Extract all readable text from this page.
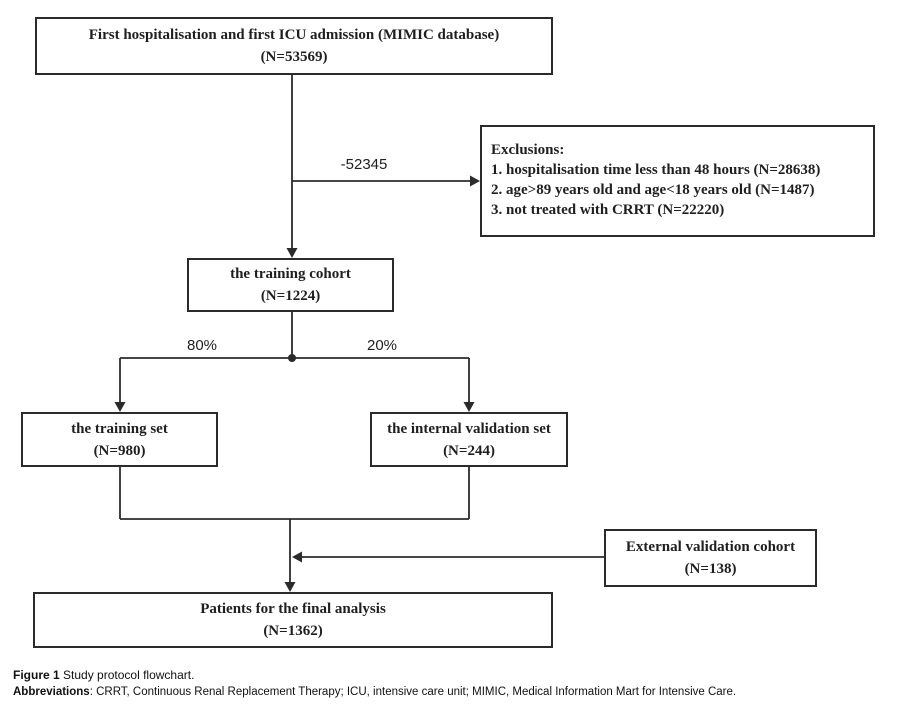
First hospitalisation and first ICU admission (MIMIC database)
(N=53569)
Exclusions:
1. hospitalisation time less than 48 hours (N=28638)
2. age>89 years old and age<18 years old (N=1487)
3. not treated with CRRT (N=22220)
the training cohort
(N=1224)
the training set
(N=980)
the internal validation set
(N=244)
External validation cohort
(N=138)
Patients for the final analysis
(N=1362)
-52345
80%	20%
Figure 1 Study protocol flowchart.
Abbreviations: CRRT, Continuous Renal Replacement Therapy; ICU, intensive care unit; MIMIC, Medical Information Mart for Intensive Care.
